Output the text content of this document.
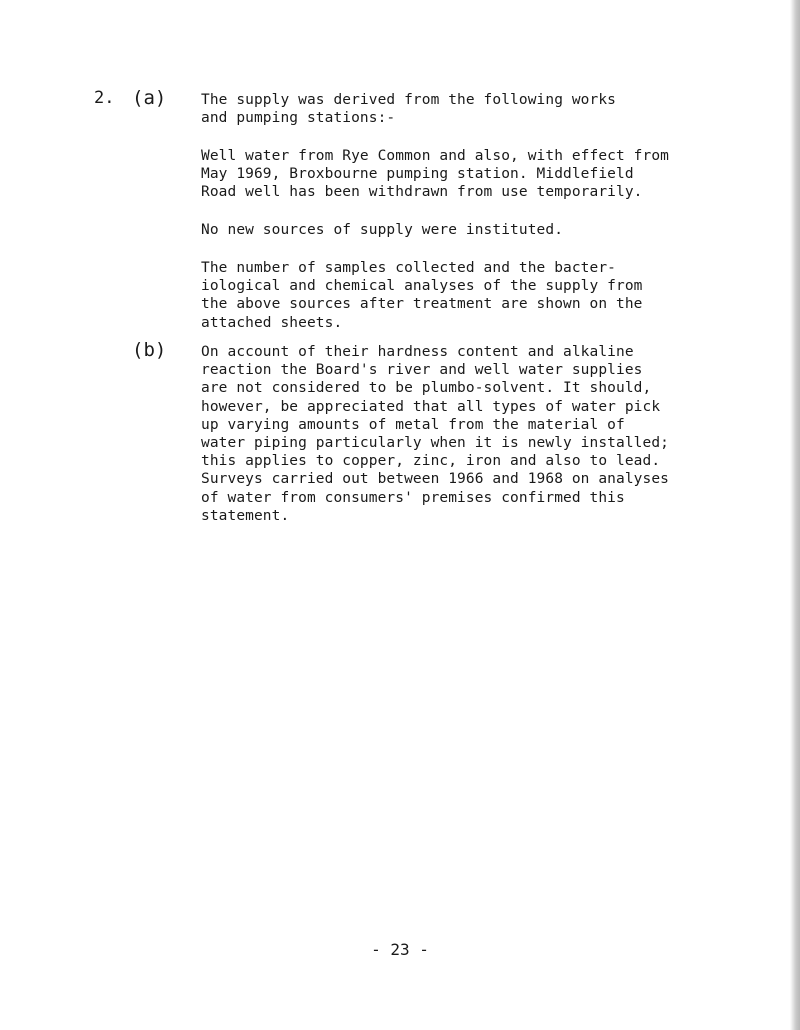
2. (a) The supply was derived from the following works
and pumping stations:-
Well water from Rye Common and also, with effect from
May 1969, Broxbourne pumping station. Middlefield
Road well has been withdrawn from use temporarily.
No new sources of supply were instituted.
The number of samples collected and the bacter-
iological and chemical analyses of the supply from
the above sources after treatment are shown on the
attached sheets.
(b) On account of their hardness content and alkaline
reaction the Board's river and well water supplies
are not considered to be plumbo-solvent. It should,
however, be appreciated that all types of water pick
up varying amounts of metal from the material of
water piping particularly when it is newly installed;
this applies to copper, zinc, iron and also to lead.
Surveys carried out between 1966 and 1968 on analyses
of water from consumers' premises confirmed this
statement.
- 23 -
